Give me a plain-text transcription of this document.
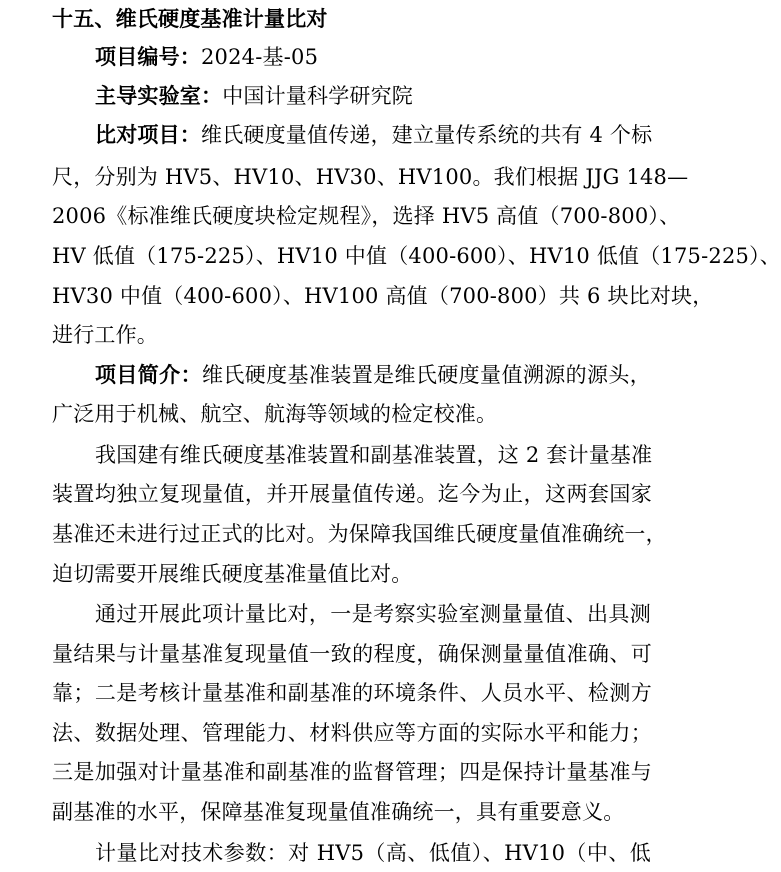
十五、维氏硬度基准计量比对
项目编号：2024-基-05
主导实验室：中国计量科学研究院
比对项目：维氏硬度量值传递，建立量传系统的共有 4 个标
尺，分别为 HV5、HV10、HV30、HV100。我们根据 JJG 148—
2006《标准维氏硬度块检定规程》，选择 HV5 高值（700-800）、
HV 低值（175-225）、HV10 中值（400-600）、HV10 低值（175-225）、
HV30 中值（400-600）、HV100 高值（700-800）共 6 块比对块，
进行工作。
项目简介：维氏硬度基准装置是维氏硬度量值溯源的源头，
广泛用于机械、航空、航海等领域的检定校准。
我国建有维氏硬度基准装置和副基准装置，这 2 套计量基准
装置均独立复现量值，并开展量值传递。迄今为止，这两套国家
基准还未进行过正式的比对。为保障我国维氏硬度量值准确统一，
迫切需要开展维氏硬度基准量值比对。
通过开展此项计量比对，一是考察实验室测量量值、出具测
量结果与计量基准复现量值一致的程度，确保测量量值准确、可
靠；二是考核计量基准和副基准的环境条件、人员水平、检测方
法、数据处理、管理能力、材料供应等方面的实际水平和能力；
三是加强对计量基准和副基准的监督管理；四是保持计量基准与
副基准的水平，保障基准复现量值准确统一，具有重要意义。
计量比对技术参数：对 HV5（高、低值）、HV10（中、低
